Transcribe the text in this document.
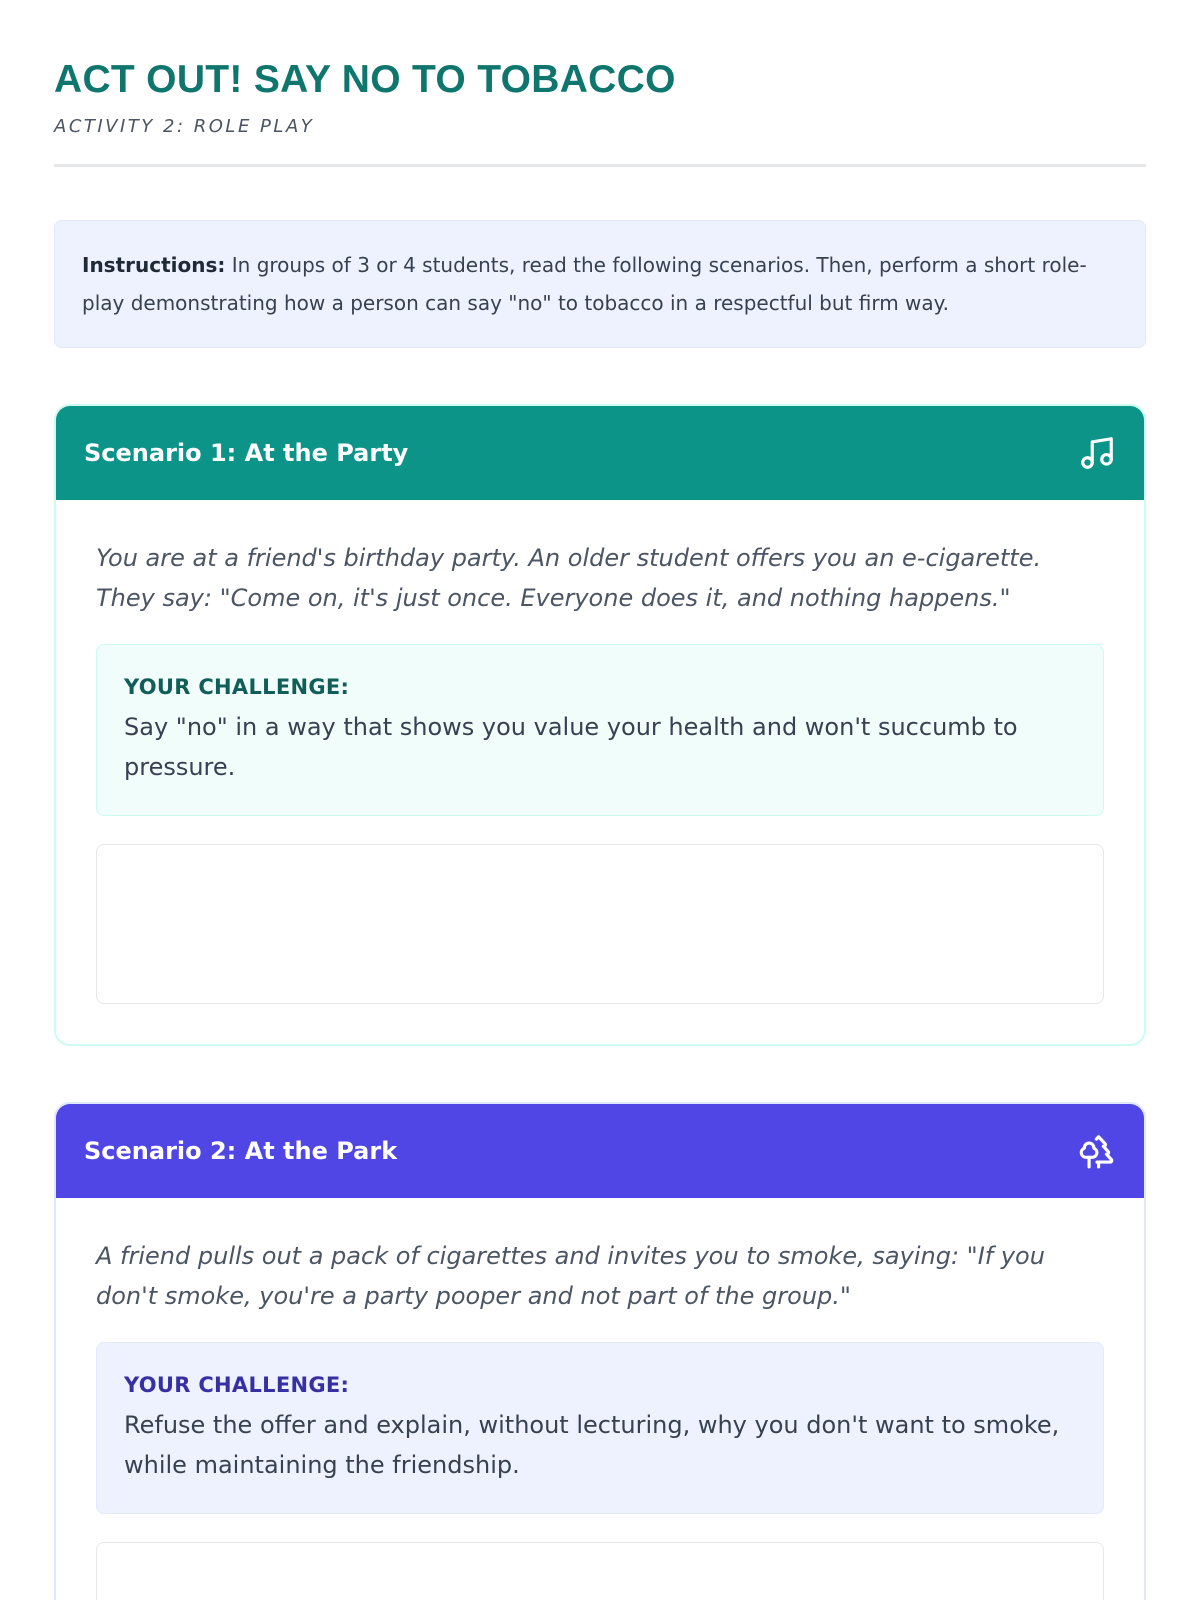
ACT OUT! SAY NO TO TOBACCO
ACTIVITY 2: ROLE PLAY
Instructions: In groups of 3 or 4 students, read the following scenarios. Then, perform a short role-play demonstrating how a person can say "no" to tobacco in a respectful but firm way.
Scenario 1: At the Party

You are at a friend's birthday party. An older student offers you an e-cigarette. They say: "Come on, it's just once. Everyone does it, and nothing happens."

YOUR CHALLENGE:
Say "no" in a way that shows you value your health and won't succumb to pressure.
Scenario 2: At the Park

A friend pulls out a pack of cigarettes and invites you to smoke, saying: "If you don't smoke, you're a party pooper and not part of the group."

YOUR CHALLENGE:
Refuse the offer and explain, without lecturing, why you don't want to smoke, while maintaining the friendship.
